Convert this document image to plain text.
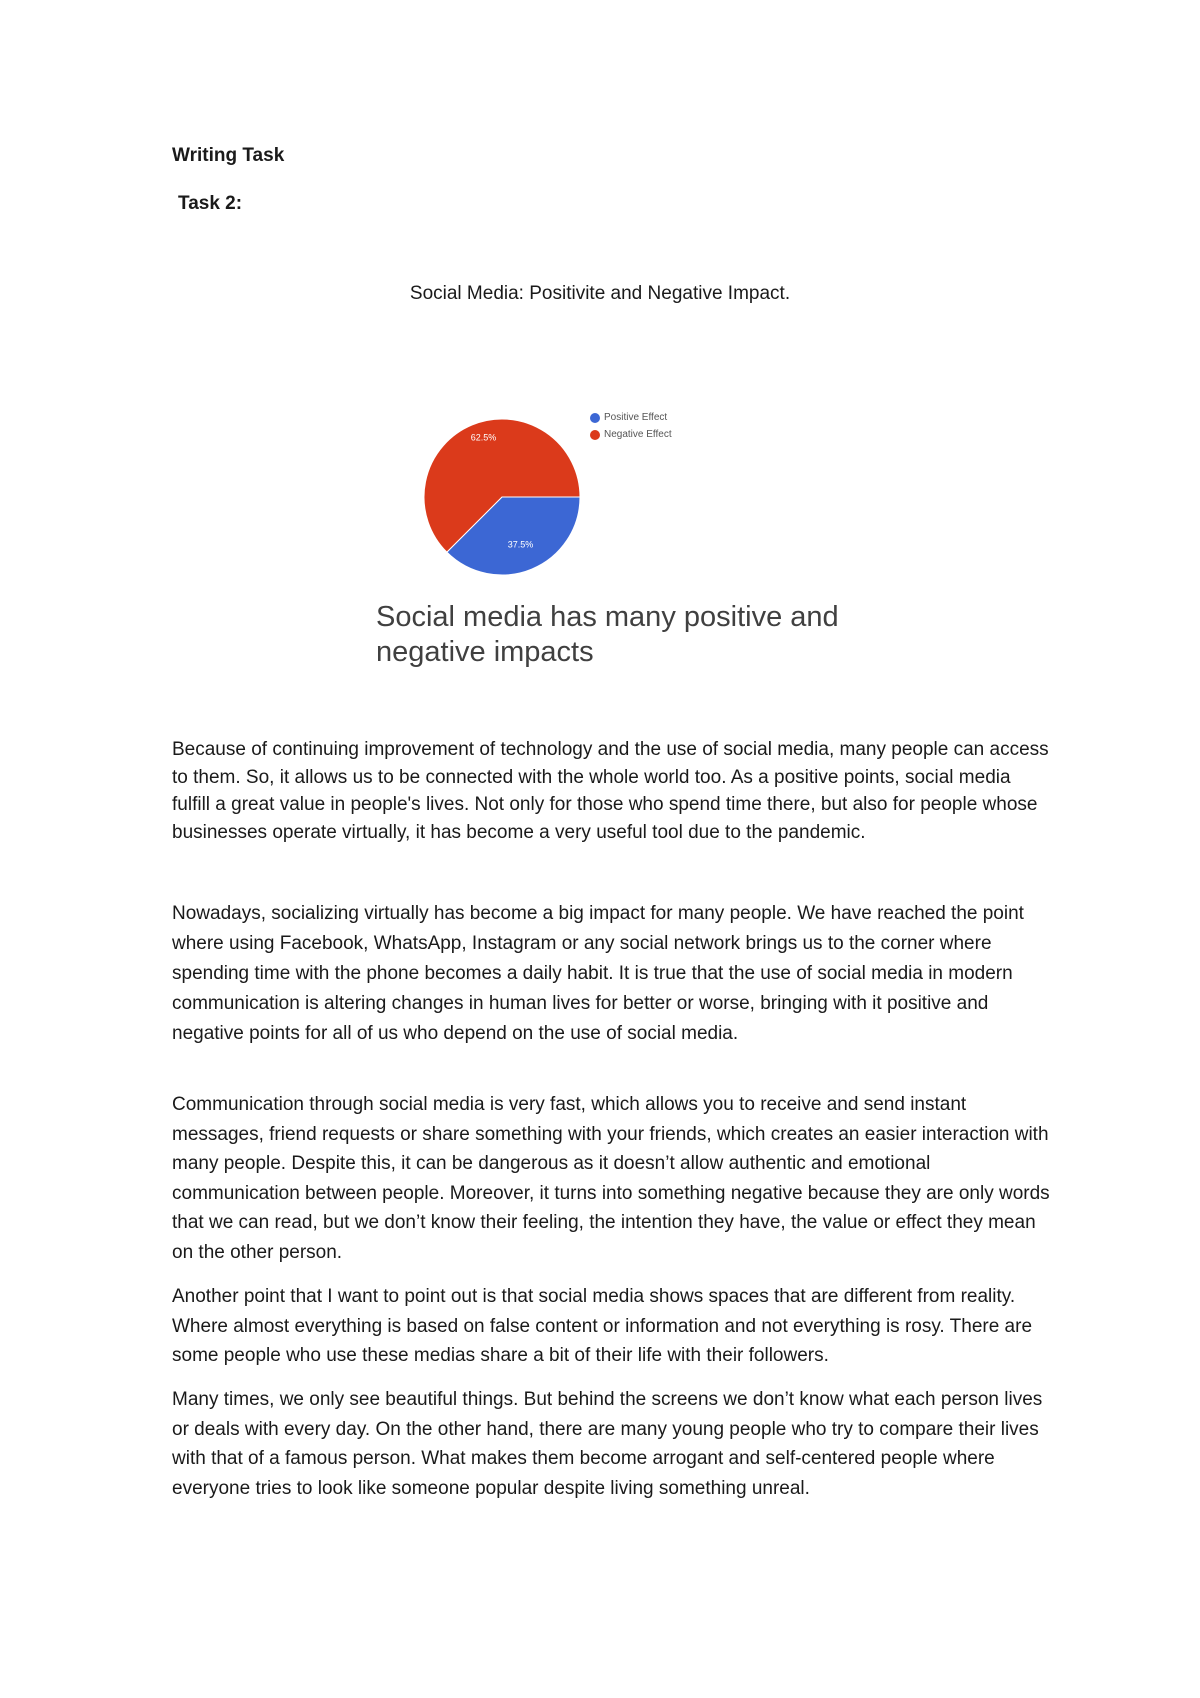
Writing Task

Task 2:

Social Media: Positivite and Negative Impact.

37.5%
62.5%
Positive Effect
Negative Effect

Social media has many positive and negative impacts

Because of continuing improvement of technology and the use of social media, many people can access to them. So, it allows us to be connected with the whole world too. As a positive points, social media fulfill a great value in people's lives. Not only for those who spend time there, but also for people whose businesses operate virtually, it has become a very useful tool due to the pandemic.

Nowadays, socializing virtually has become a big impact for many people. We have reached the point where using Facebook, WhatsApp, Instagram or any social network brings us to the corner where spending time with the phone becomes a daily habit. It is true that the use of social media in modern communication is altering changes in human lives for better or worse, bringing with it positive and negative points for all of us who depend on the use of social media.

Communication through social media is very fast, which allows you to receive and send instant messages, friend requests or share something with your friends, which creates an easier interaction with many people. Despite this, it can be dangerous as it doesn’t allow authentic and emotional communication between people. Moreover, it turns into something negative because they are only words that we can read, but we don’t know their feeling, the intention they have, the value or effect they mean on the other person.

Another point that I want to point out is that social media shows spaces that are different from reality. Where almost everything is based on false content or information and not everything is rosy. There are some people who use these medias share a bit of their life with their followers.

Many times, we only see beautiful things. But behind the screens we don’t know what each person lives or deals with every day. On the other hand, there are many young people who try to compare their lives with that of a famous person. What makes them become arrogant and self-centered people where everyone tries to look like someone popular despite living something unreal.
